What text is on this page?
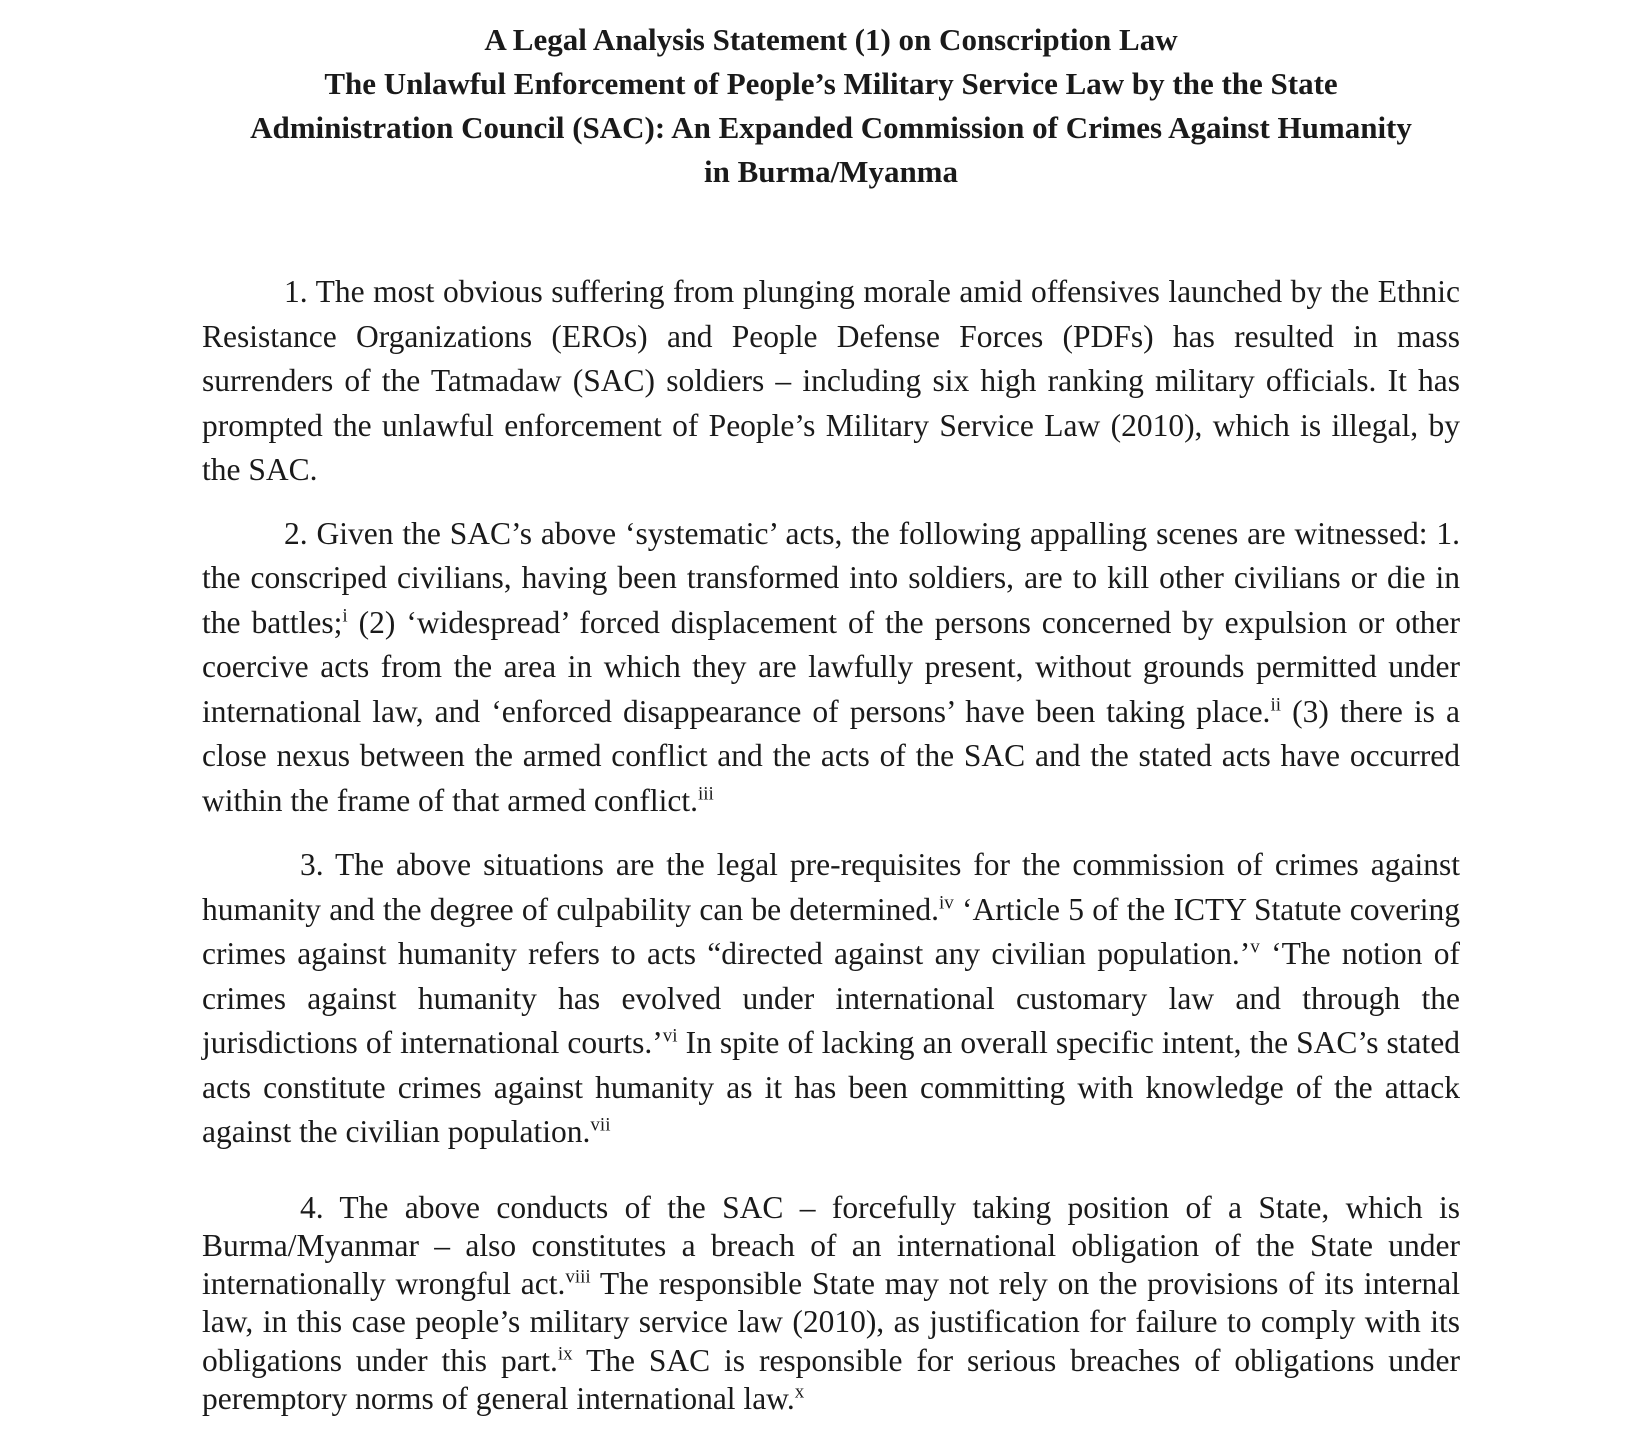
A Legal Analysis Statement (1) on Conscription Law
The Unlawful Enforcement of People’s Military Service Law by the the State
Administration Council (SAC): An Expanded Commission of Crimes Against Humanity
in Burma/Myanma

1. The most obvious suffering from plunging morale amid offensives launched by the Ethnic Resistance Organizations (EROs) and People Defense Forces (PDFs) has resulted in mass surrenders of the Tatmadaw (SAC) soldiers – including six high ranking military officials. It has prompted the unlawful enforcement of People’s Military Service Law (2010), which is illegal, by the SAC.

2. Given the SAC’s above ‘systematic’ acts, the following appalling scenes are witnessed: 1. the conscriped civilians, having been transformed into soldiers, are to kill other civilians or die in the battles;$^i$ (2) ‘widespread’ forced displacement of the persons concerned by expulsion or other coercive acts from the area in which they are lawfully present, without grounds permitted under international law, and ‘enforced disappearance of persons’ have been taking place.$^{ii}$ (3) there is a close nexus between the armed conflict and the acts of the SAC and the stated acts have occurred within the frame of that armed conflict.$^{iii}$

3. The above situations are the legal pre-requisites for the commission of crimes against humanity and the degree of culpability can be determined.$^{iv}$ ‘Article 5 of the ICTY Statute covering crimes against humanity refers to acts “directed against any civilian population.’$^v$ ‘The notion of crimes against humanity has evolved under international customary law and through the jurisdictions of international courts.’$^{vi}$ In spite of lacking an overall specific intent, the SAC’s stated acts constitute crimes against humanity as it has been committing with knowledge of the attack against the civilian population.$^{vii}$

4. The above conducts of the SAC – forcefully taking position of a State, which is Burma/Myanmar – also constitutes a breach of an international obligation of the State under internationally wrongful act.$^{viii}$ The responsible State may not rely on the provisions of its internal law, in this case people’s military service law (2010), as justification for failure to comply with its obligations under this part.$^{ix}$ The SAC is responsible for serious breaches of obligations under peremptory norms of general international law.$^x$
